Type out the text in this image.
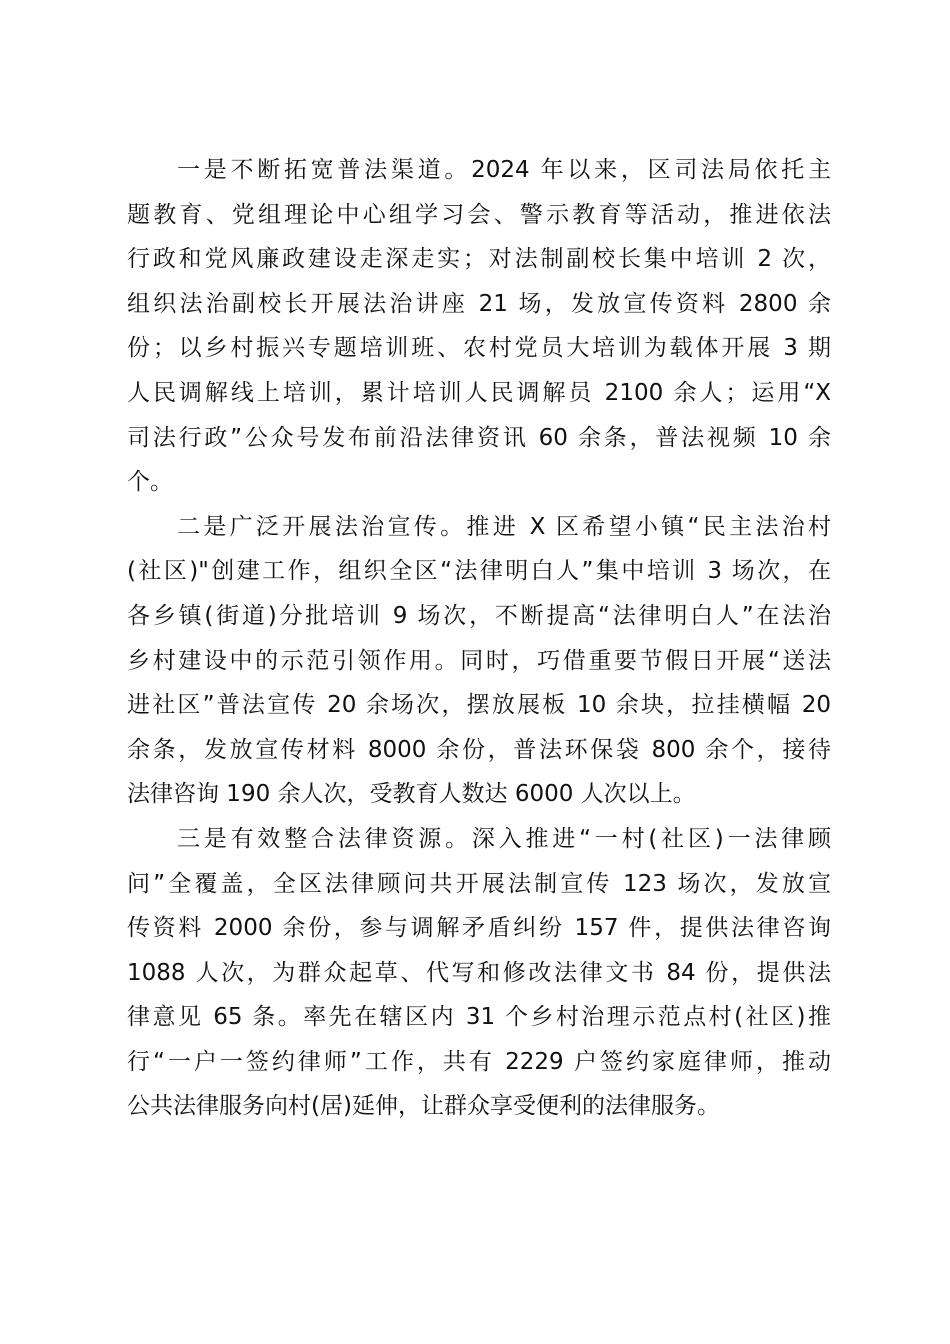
一是不断拓宽普法渠道。2024 年以来，区司法局依托主
题教育、党组理论中心组学习会、警示教育等活动，推进依法
行政和党风廉政建设走深走实；对法制副校长集中培训 2 次，
组织法治副校长开展法治讲座 21 场，发放宣传资料 2800 余
份；以乡村振兴专题培训班、农村党员大培训为载体开展 3 期
人民调解线上培训，累计培训人民调解员 2100 余人；运用“X
司法行政”公众号发布前沿法律资讯 60 余条，普法视频 10 余
个。

二是广泛开展法治宣传。推进 X 区希望小镇“民主法治村
(社区)"创建工作，组织全区“法律明白人”集中培训 3 场次，在
各乡镇(街道)分批培训 9 场次，不断提高“法律明白人”在法治
乡村建设中的示范引领作用。同时，巧借重要节假日开展“送法
进社区”普法宣传 20 余场次，摆放展板 10 余块，拉挂横幅 20
余条，发放宣传材料 8000 余份，普法环保袋 800 余个，接待
法律咨询 190 余人次，受教育人数达 6000 人次以上。

三是有效整合法律资源。深入推进“一村(社区)一法律顾
问”全覆盖，全区法律顾问共开展法制宣传 123 场次，发放宣
传资料 2000 余份，参与调解矛盾纠纷 157 件，提供法律咨询
1088 人次，为群众起草、代写和修改法律文书 84 份，提供法
律意见 65 条。率先在辖区内 31 个乡村治理示范点村(社区)推
行“一户一签约律师”工作，共有 2229 户签约家庭律师，推动
公共法律服务向村(居)延伸，让群众享受便利的法律服务。
